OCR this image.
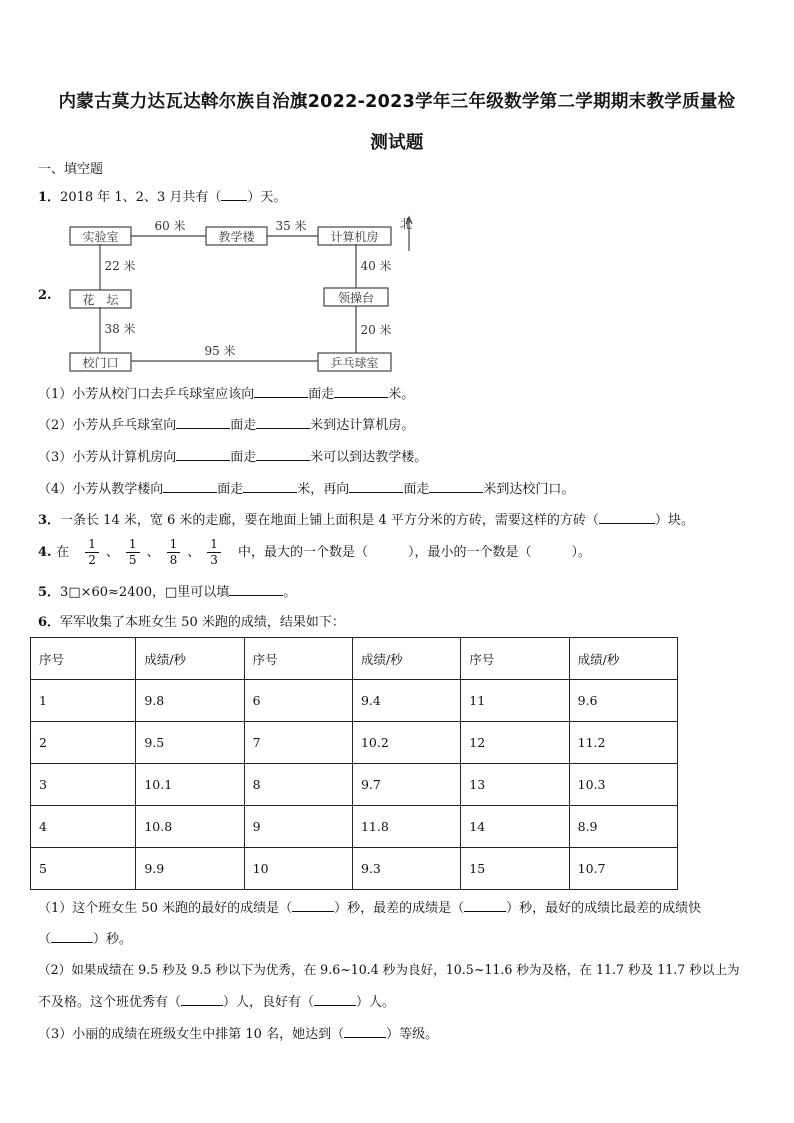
内蒙古莫力达瓦达斡尔族自治旗2022-2023学年三年级数学第二学期期末教学质量检
测试题
一、填空题
1．2018 年 1、2、3 月共有（ ）天。
2.
实验室	教学楼	计算机房
花　坛	领操台
校门口	乒乓球室
60 米	35 米
22 米	40 米
38 米	20 米
95 米
北
（1）小芳从校门口去乒乓球室应该向	面走	米。
（2）小芳从乒乓球室向	面走	米到达计算机房。
（3）小芳从计算机房向	面走	米可以到达教学楼。
（4）小芳从教学楼向	面走	米，再向	面走	米到达校门口。
3．一条长 14 米，宽 6 米的走廊，要在地面上铺上面积是 4 平方分米的方砖，需要这样的方砖（	）块。
4. 在 $\frac{1}{2}$ 、 $\frac{1}{5}$ 、 $\frac{1}{8}$ 、 $\frac{1}{3}$ 中，最大的一个数是（	），最小的一个数是（	）。
5．3□×60≈2400，□里可以填	。
6．军军收集了本班女生 50 米跑的成绩，结果如下：
序号	成绩/秒	序号	成绩/秒	序号	成绩/秒
1	9.8	6	9.4	11	9.6
2	9.5	7	10.2	12	11.2
3	10.1	8	9.7	13	10.3
4	10.8	9	11.8	14	8.9
5	9.9	10	9.3	15	10.7
（1）这个班女生 50 米跑的最好的成绩是（	）秒，最差的成绩是（	）秒，最好的成绩比最差的成绩快
（	）秒。
（2）如果成绩在 9.5 秒及 9.5 秒以下为优秀，在 9.6~10.4 秒为良好，10.5~11.6 秒为及格，在 11.7 秒及 11.7 秒以上为
不及格。这个班优秀有（	）人，良好有（	）人。
（3）小丽的成绩在班级女生中排第 10 名，她达到（	）等级。
